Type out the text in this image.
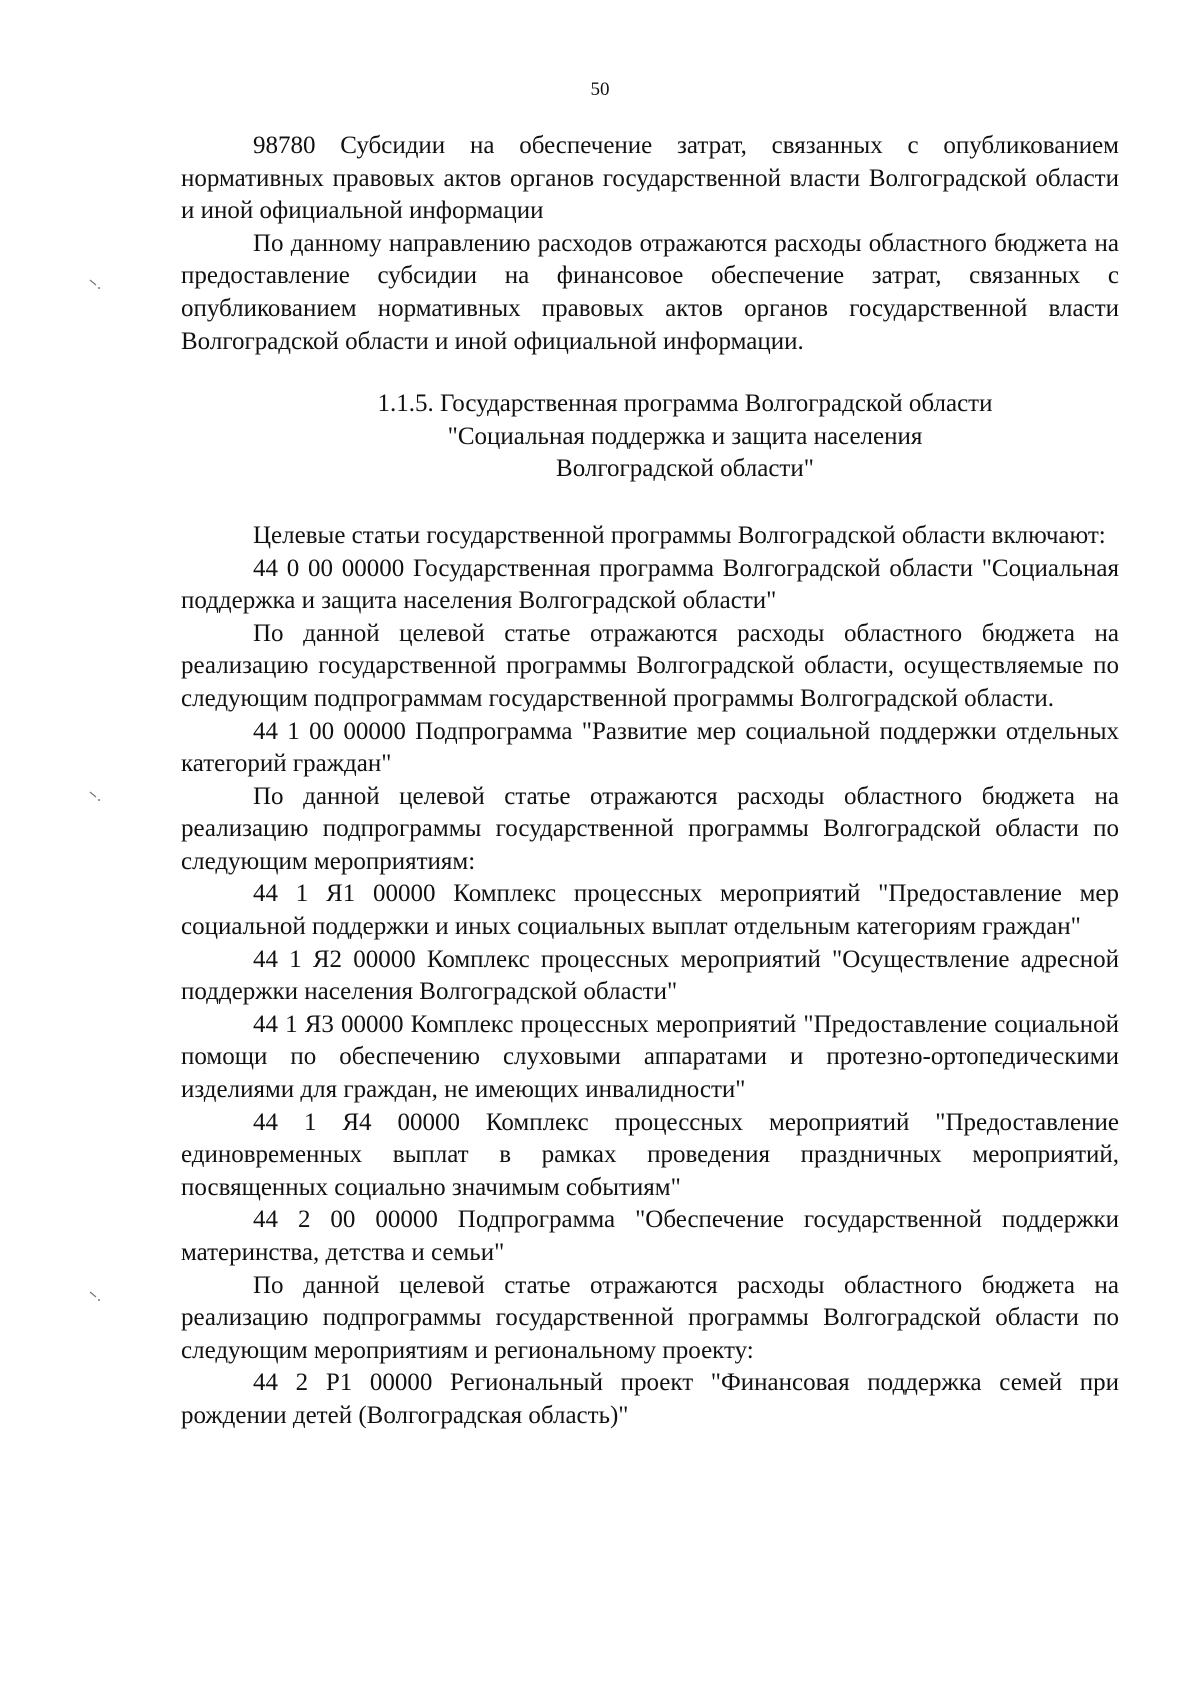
50

98780 Субсидии на обеспечение затрат, связанных с опубликованием нормативных правовых актов органов государственной власти Волгоградской области и иной официальной информации

По данному направлению расходов отражаются расходы областного бюджета на предоставление субсидии на финансовое обеспечение затрат, связанных с опубликованием нормативных правовых актов органов государственной власти Волгоградской области и иной официальной информации.

1.1.5. Государственная программа Волгоградской области
"Социальная поддержка и защита населения
Волгоградской области"

Целевые статьи государственной программы Волгоградской области включают:

44 0 00 00000 Государственная программа Волгоградской области "Социальная поддержка и защита населения Волгоградской области"

По данной целевой статье отражаются расходы областного бюджета на реализацию государственной программы Волгоградской области, осуществляемые по следующим подпрограммам государственной программы Волгоградской области.

44 1 00 00000 Подпрограмма "Развитие мер социальной поддержки отдельных категорий граждан"

По данной целевой статье отражаются расходы областного бюджета на реализацию подпрограммы государственной программы Волгоградской области по следующим мероприятиям:

44 1 Я1 00000 Комплекс процессных мероприятий "Предоставление мер социальной поддержки и иных социальных выплат отдельным категориям граждан"

44 1 Я2 00000 Комплекс процессных мероприятий "Осуществление адресной поддержки населения Волгоградской области"

44 1 Я3 00000 Комплекс процессных мероприятий "Предоставление социальной помощи по обеспечению слуховыми аппаратами и протезно-ортопедическими изделиями для граждан, не имеющих инвалидности"

44 1 Я4 00000 Комплекс процессных мероприятий "Предоставление единовременных выплат в рамках проведения праздничных мероприятий, посвященных социально значимым событиям"

44 2 00 00000 Подпрограмма "Обеспечение государственной поддержки материнства, детства и семьи"

По данной целевой статье отражаются расходы областного бюджета на реализацию подпрограммы государственной программы Волгоградской области по следующим мероприятиям и региональному проекту:

44 2 Р1 00000 Региональный проект "Финансовая поддержка семей при рождении детей (Волгоградская область)"
